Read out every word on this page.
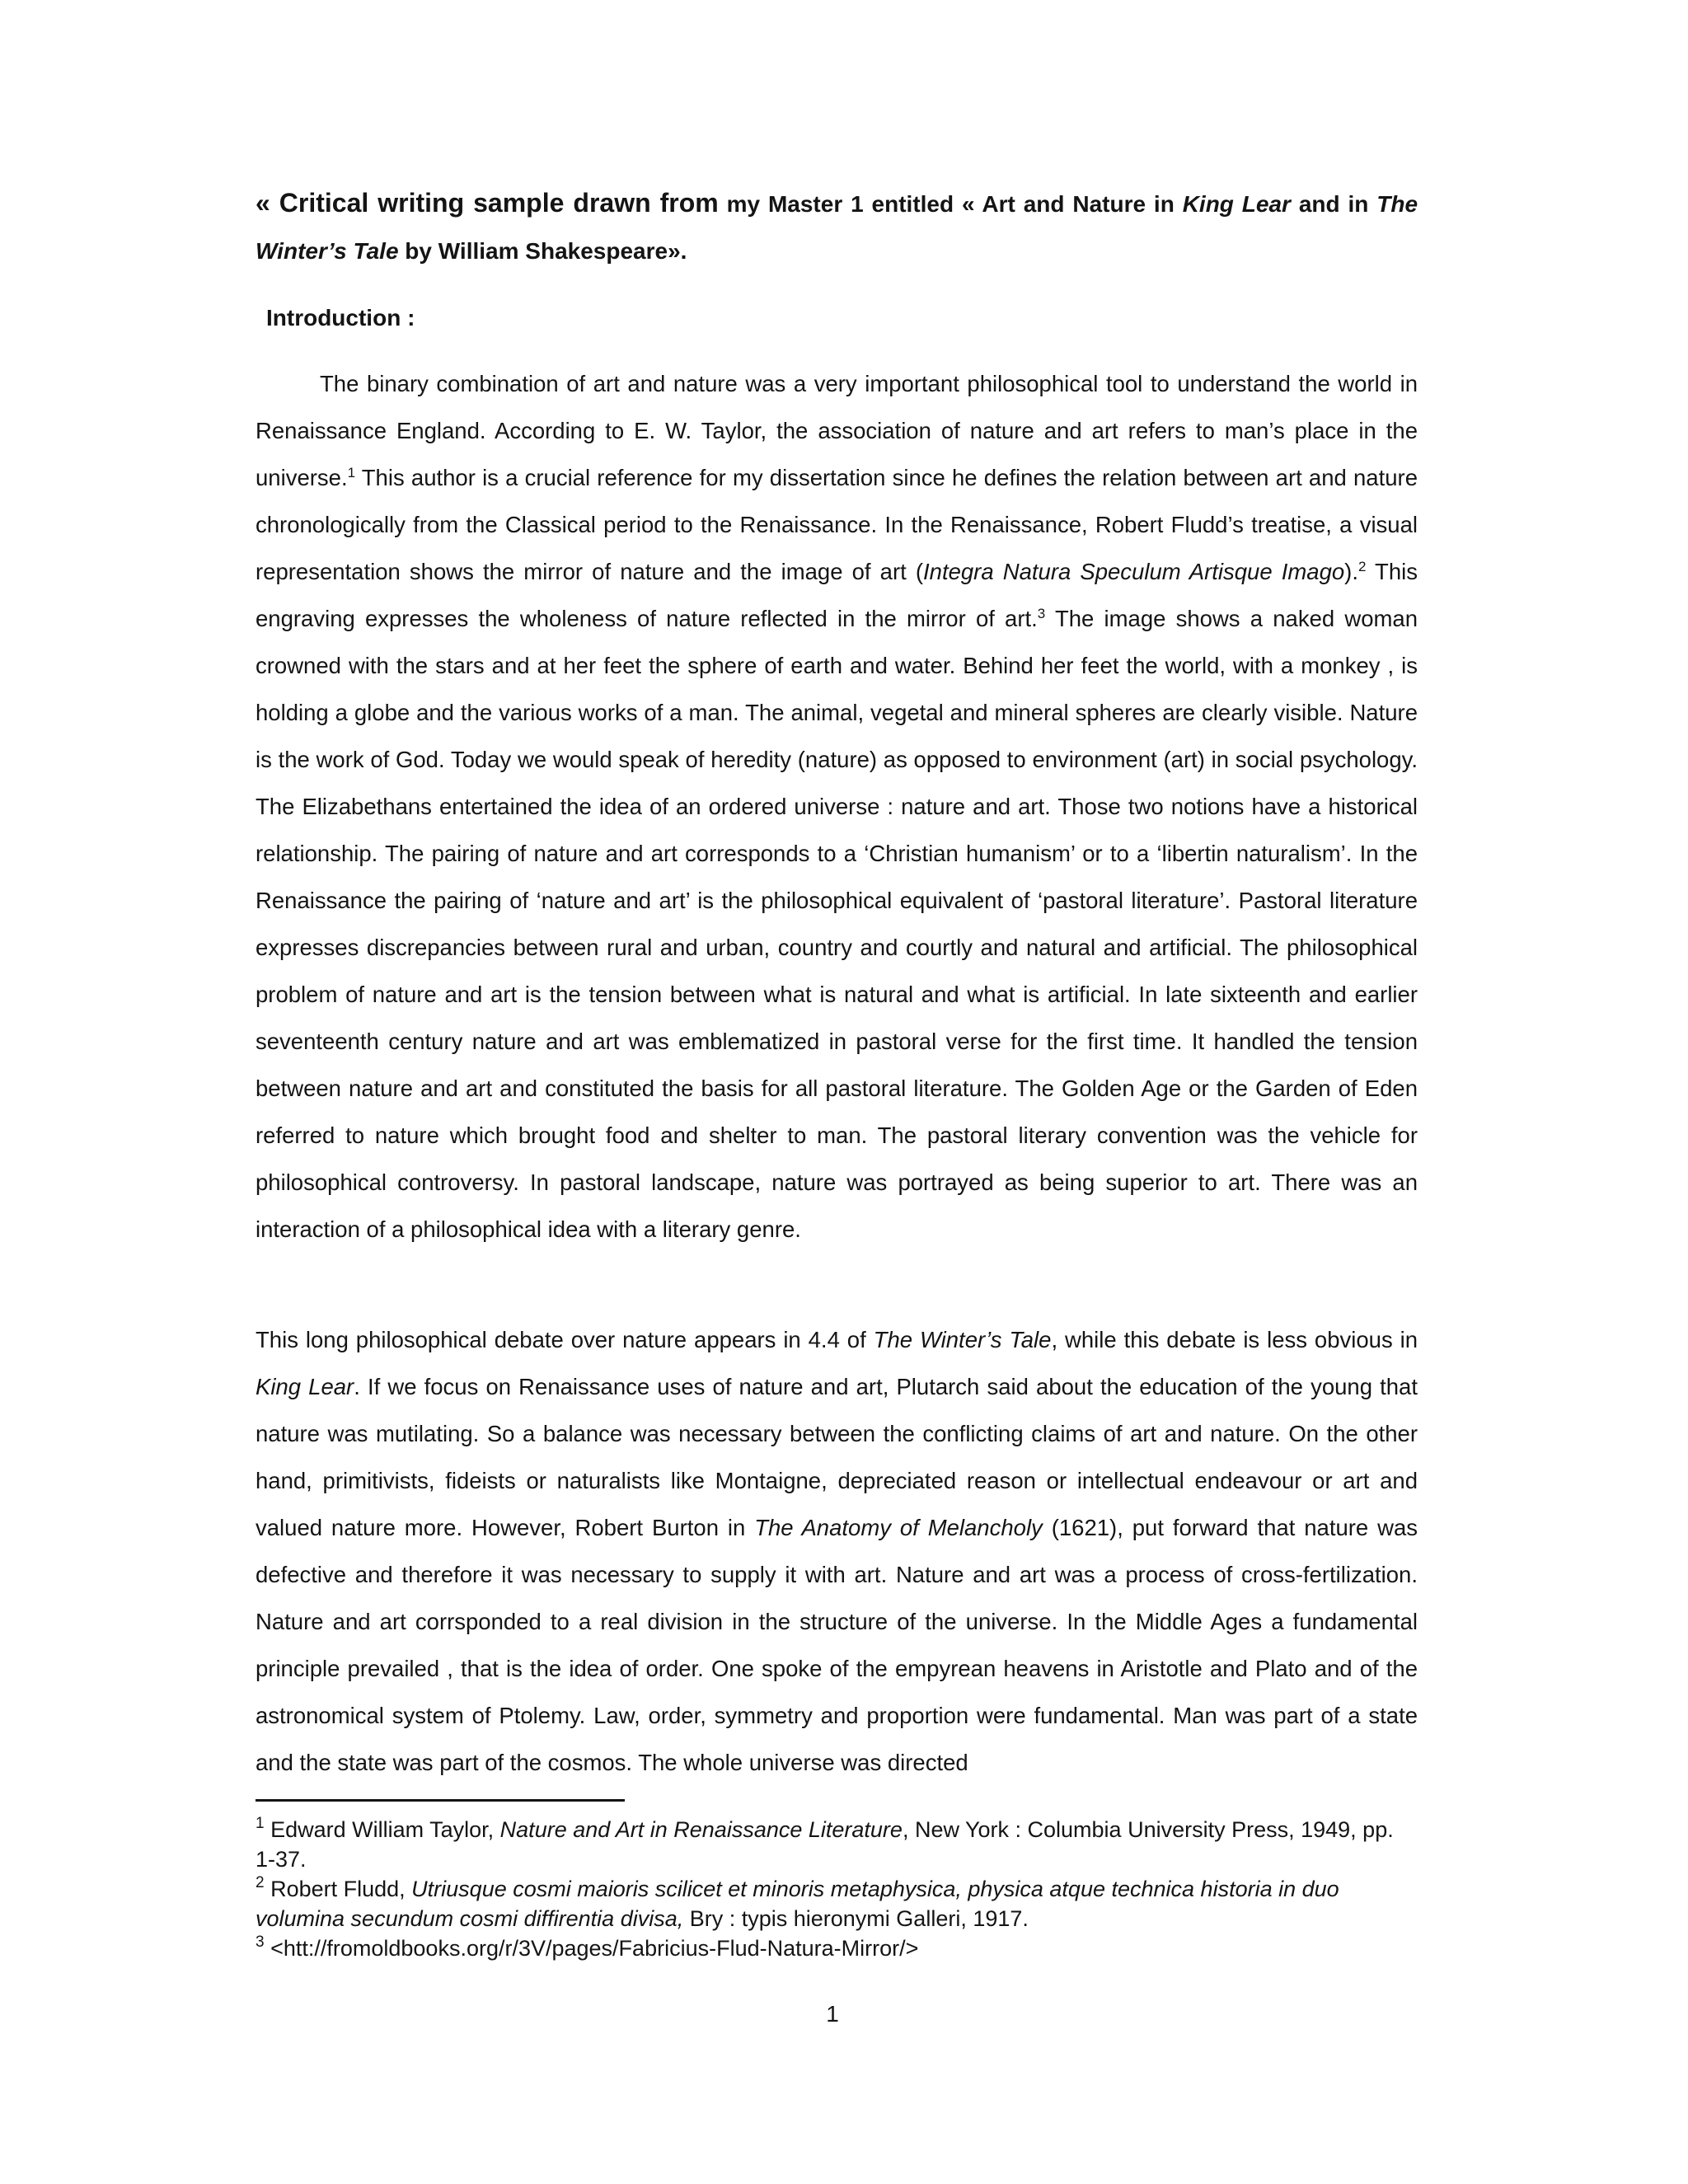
« Critical writing sample drawn from my Master 1 entitled « Art and Nature in King Lear and in The Winter’s Tale by William Shakespeare».

Introduction :

The binary combination of art and nature was a very important philosophical tool to understand the world in Renaissance England. According to E. W. Taylor, the association of nature and art refers to man’s place in the universe.$^1$ This author is a crucial reference for my dissertation since he defines the relation between art and nature chronologically from the Classical period to the Renaissance. In the Renaissance, Robert Fludd’s treatise, a visual representation shows the mirror of nature and the image of art (Integra Natura Speculum Artisque Imago).$^2$ This engraving expresses the wholeness of nature reflected in the mirror of art.$^3$ The image shows a naked woman crowned with the stars and at her feet the sphere of earth and water. Behind her feet the world, with a monkey , is holding a globe and the various works of a man. The animal, vegetal and mineral spheres are clearly visible. Nature is the work of God. Today we would speak of heredity (nature) as opposed to environment (art) in social psychology. The Elizabethans entertained the idea of an ordered universe : nature and art. Those two notions have a historical relationship. The pairing of nature and art corresponds to a ‘Christian humanism’ or to a ‘libertin naturalism’. In the Renaissance the pairing of ‘nature and art’ is the philosophical equivalent of ‘pastoral literature’. Pastoral literature expresses discrepancies between rural and urban, country and courtly and natural and artificial. The philosophical problem of nature and art is the tension between what is natural and what is artificial. In late sixteenth and earlier seventeenth century nature and art was emblematized in pastoral verse for the first time. It handled the tension between nature and art and constituted the basis for all pastoral literature. The Golden Age or the Garden of Eden referred to nature which brought food and shelter to man. The pastoral literary convention was the vehicle for philosophical controversy. In pastoral landscape, nature was portrayed as being superior to art. There was an interaction of a philosophical idea with a literary genre.

This long philosophical debate over nature appears in 4.4 of The Winter’s Tale, while this debate is less obvious in King Lear. If we focus on Renaissance uses of nature and art, Plutarch said about the education of the young that nature was mutilating. So a balance was necessary between the conflicting claims of art and nature. On the other hand, primitivists, fideists or naturalists like Montaigne, depreciated reason or intellectual endeavour or art and valued nature more. However, Robert Burton in The Anatomy of Melancholy (1621), put forward that nature was defective and therefore it was necessary to supply it with art. Nature and art was a process of cross-fertilization. Nature and art corrsponded to a real division in the structure of the universe. In the Middle Ages a fundamental principle prevailed , that is the idea of order. One spoke of the empyrean heavens in Aristotle and Plato and of the astronomical system of Ptolemy. Law, order, symmetry and proportion were fundamental. Man was part of a state and the state was part of the cosmos. The whole universe was directed

$^1$ Edward William Taylor, Nature and Art in Renaissance Literature, New York : Columbia University Press, 1949, pp. 1-37.

$^2$ Robert Fludd, Utriusque cosmi maioris scilicet et minoris metaphysica, physica atque technica historia in duo volumina secundum cosmi diffirentia divisa, Bry : typis hieronymi Galleri, 1917.

$^3$ <htt://fromoldbooks.org/r/3V/pages/Fabricius-Flud-Natura-Mirror/>

1
